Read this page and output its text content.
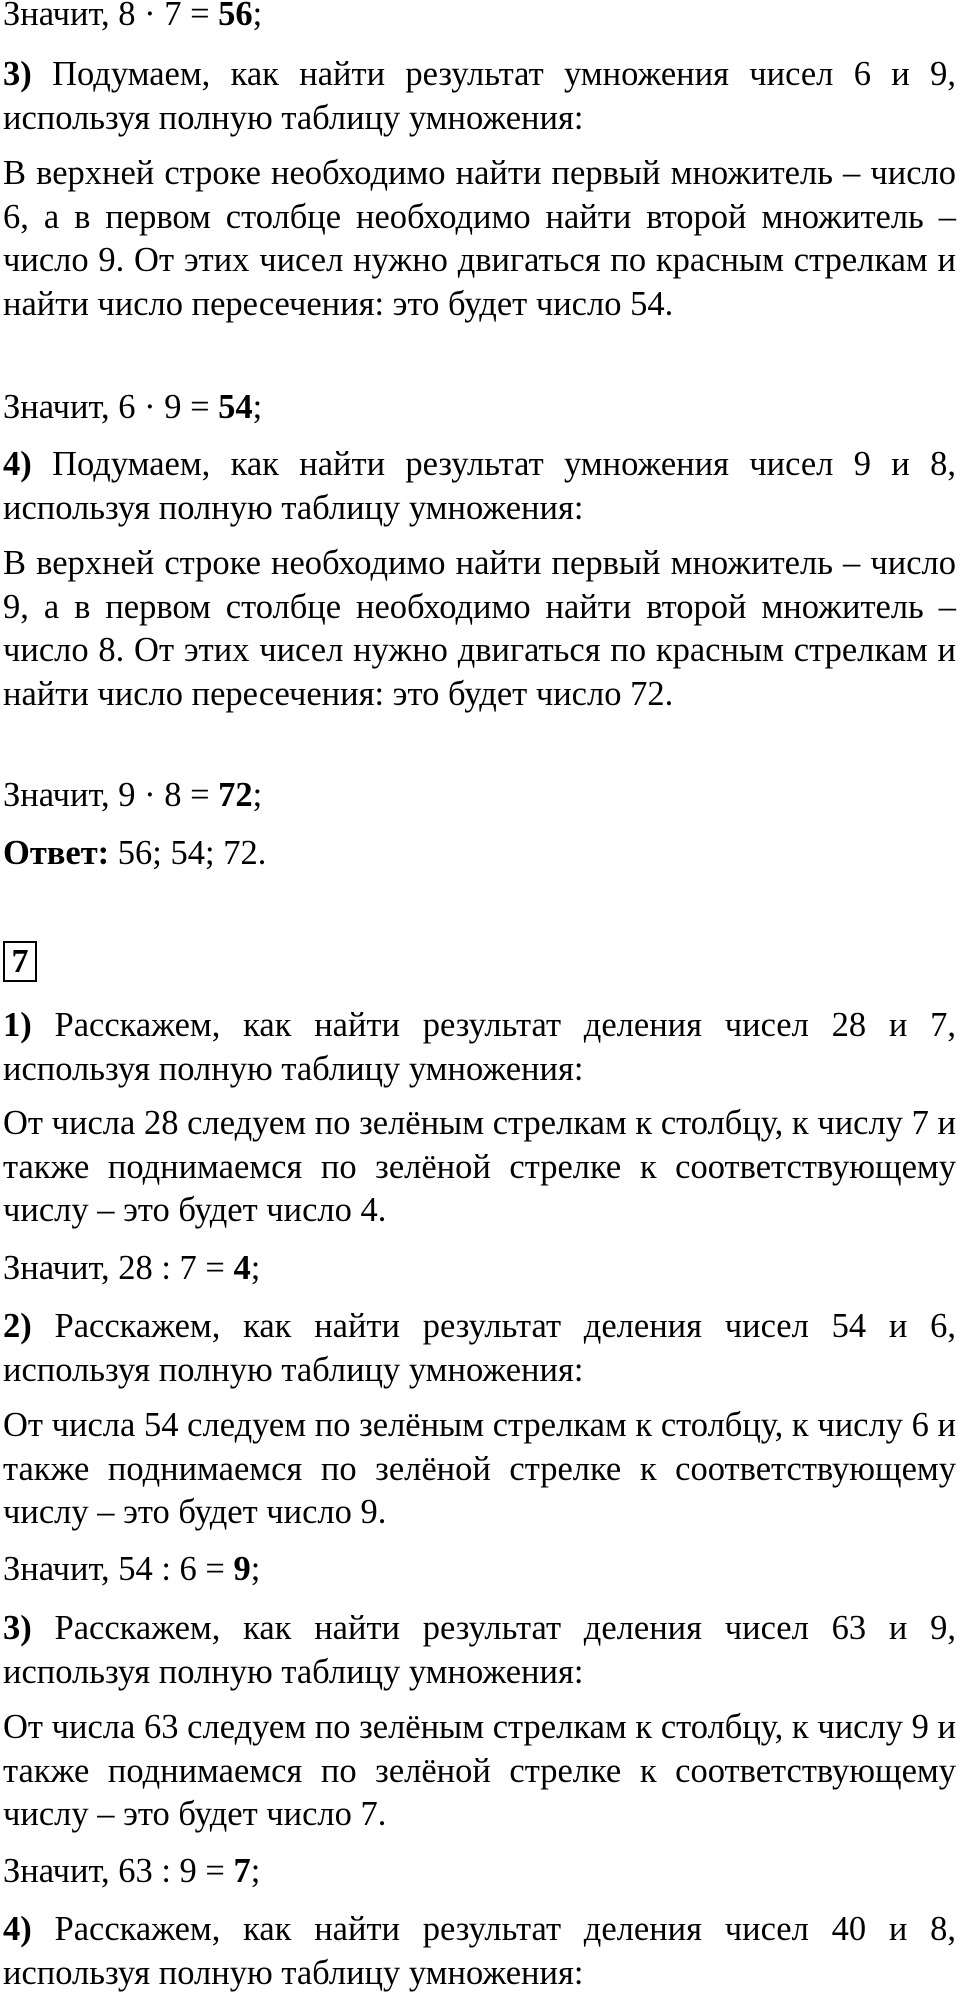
Значит, 8 · 7 = 56;

3) Подумаем, как найти результат умножения чисел 6 и 9, используя полную таблицу умножения:

В верхней строке необходимо найти первый множитель – число 6, а в первом столбце необходимо найти второй множитель – число 9. От этих чисел нужно двигаться по красным стрелкам и найти число пересечения: это будет число 54.

Значит, 6 · 9 = 54;

4) Подумаем, как найти результат умножения чисел 9 и 8, используя полную таблицу умножения:

В верхней строке необходимо найти первый множитель – число 9, а в первом столбце необходимо найти второй множитель – число 8. От этих чисел нужно двигаться по красным стрелкам и найти число пересечения: это будет число 72.

Значит, 9 · 8 = 72;

Ответ: 56; 54; 72.

7

1) Расскажем, как найти результат деления чисел 28 и 7, используя полную таблицу умножения:

От числа 28 следуем по зелёным стрелкам к столбцу, к числу 7 и также поднимаемся по зелёной стрелке к соответствующему числу – это будет число 4.

Значит, 28 : 7 = 4;

2) Расскажем, как найти результат деления чисел 54 и 6, используя полную таблицу умножения:

От числа 54 следуем по зелёным стрелкам к столбцу, к числу 6 и также поднимаемся по зелёной стрелке к соответствующему числу – это будет число 9.

Значит, 54 : 6 = 9;

3) Расскажем, как найти результат деления чисел 63 и 9, используя полную таблицу умножения:

От числа 63 следуем по зелёным стрелкам к столбцу, к числу 9 и также поднимаемся по зелёной стрелке к соответствующему числу – это будет число 7.

Значит, 63 : 9 = 7;

4) Расскажем, как найти результат деления чисел 40 и 8, используя полную таблицу умножения:
